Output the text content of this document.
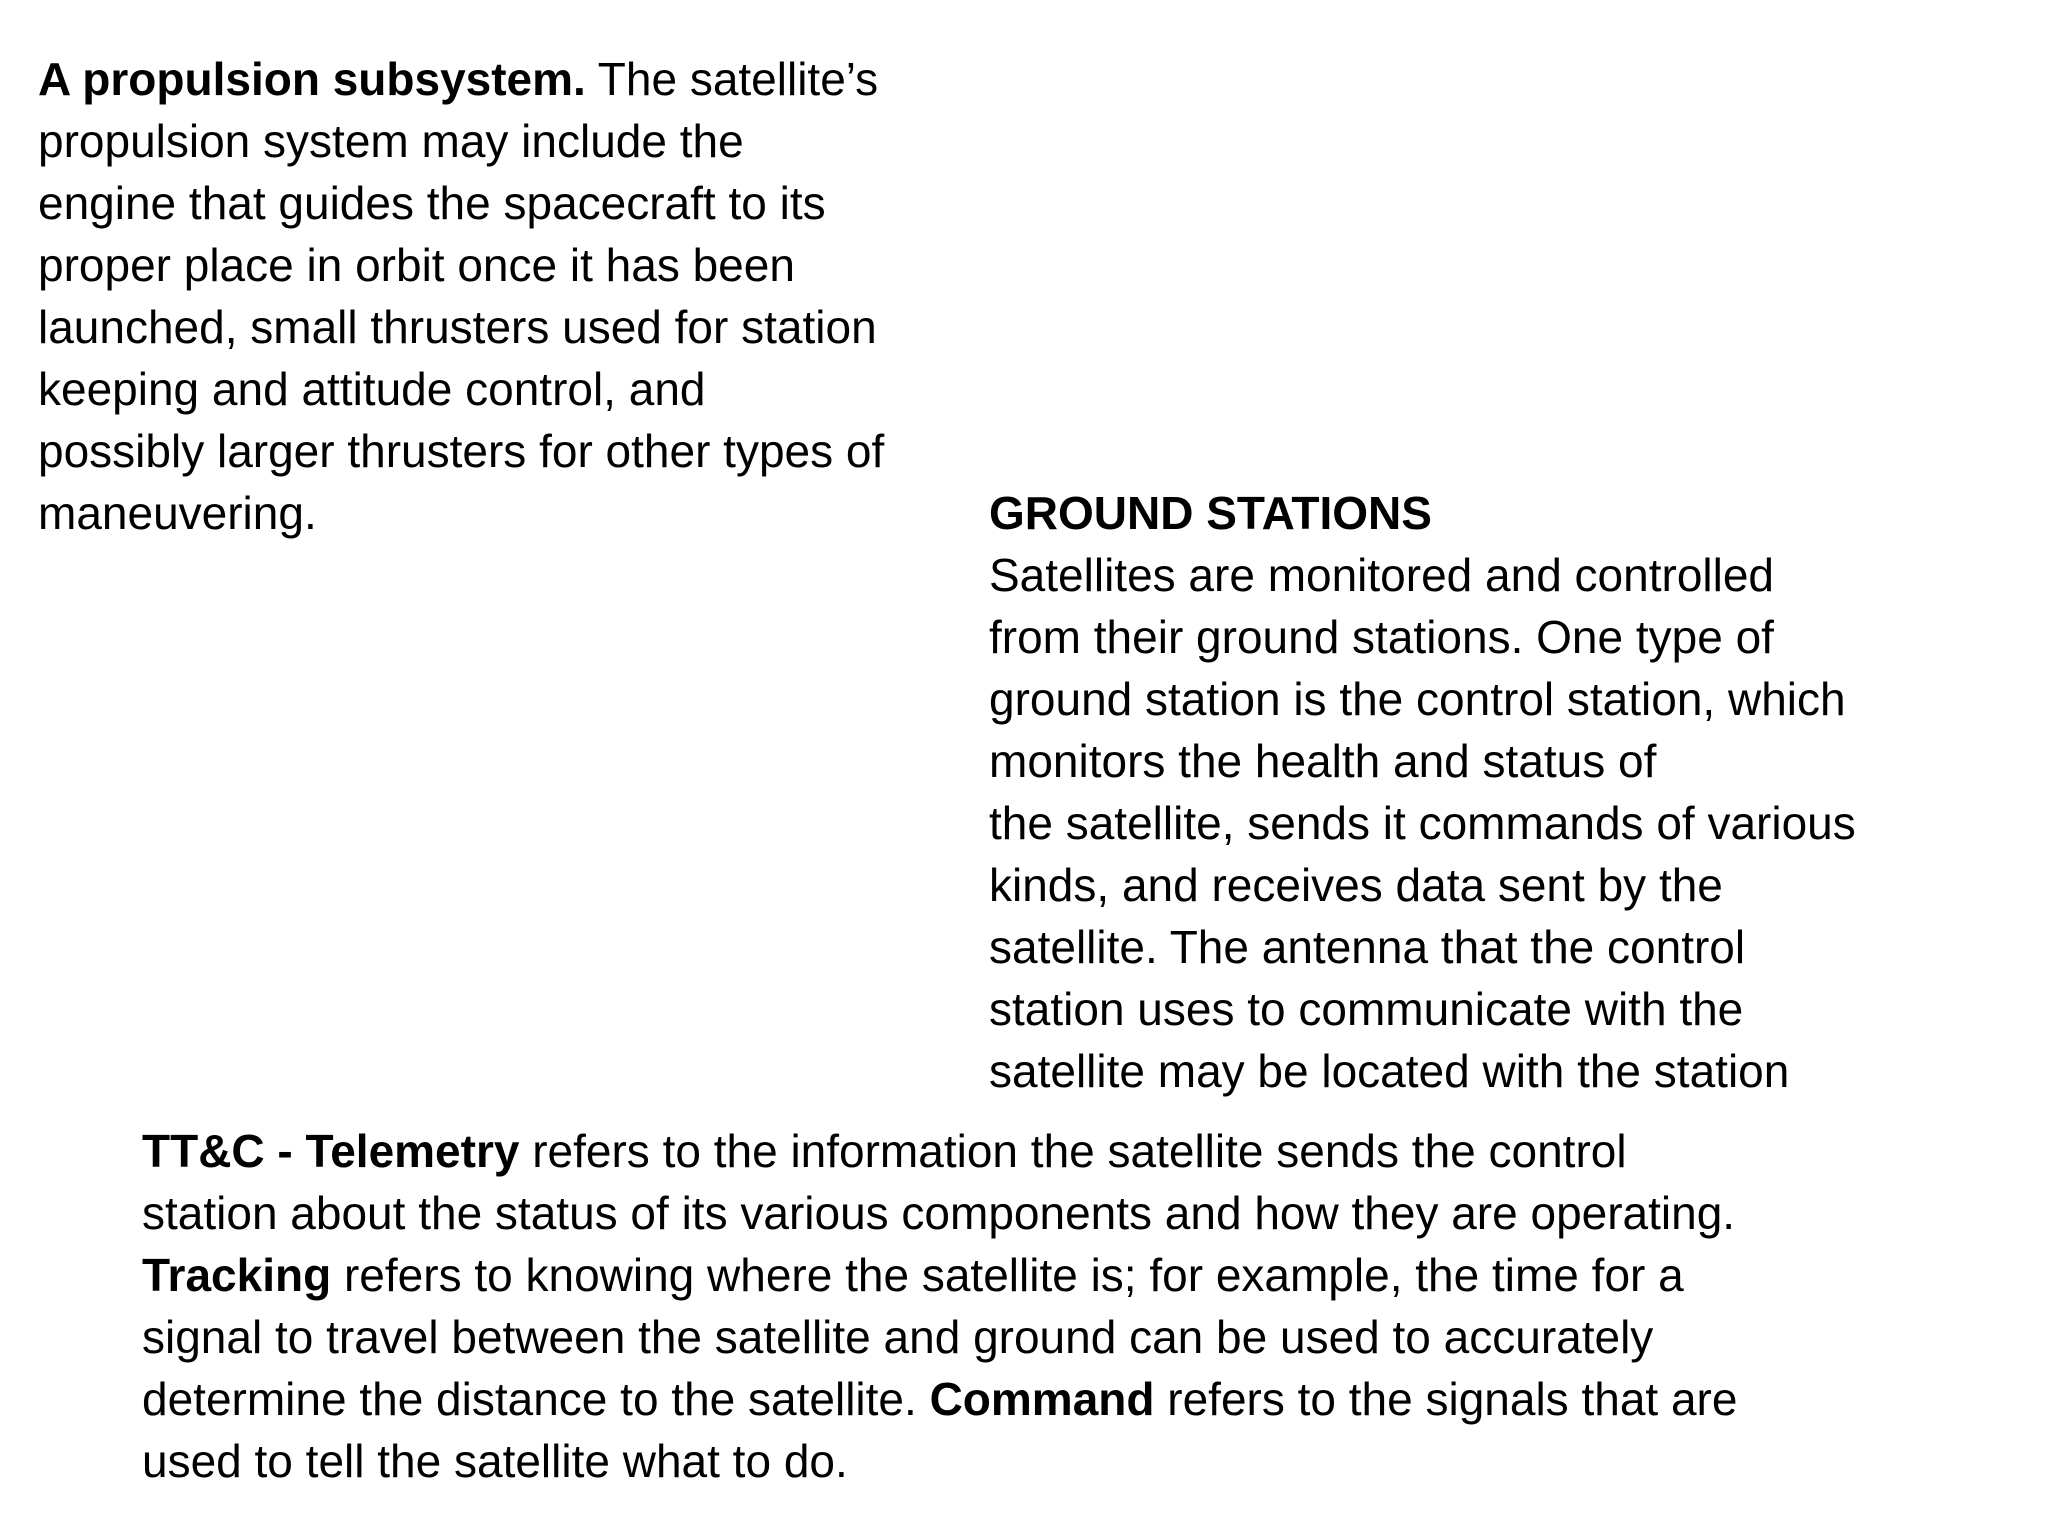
A propulsion subsystem. The satellite’s
propulsion system may include the
engine that guides the spacecraft to its
proper place in orbit once it has been
launched, small thrusters used for station
keeping and attitude control, and
possibly larger thrusters for other types of
maneuvering.	GROUND STATIONS
Satellites are monitored and controlled
from their ground stations. One type of
ground station is the control station, which
monitors the health and status of
the satellite, sends it commands of various
kinds, and receives data sent by the
satellite. The antenna that the control
station uses to communicate with the
satellite may be located with the station
TT&C - Telemetry refers to the information the satellite sends the control
station about the status of its various components and how they are operating.
Tracking refers to knowing where the satellite is; for example, the time for a
signal to travel between the satellite and ground can be used to accurately
determine the distance to the satellite. Command refers to the signals that are
used to tell the satellite what to do.
